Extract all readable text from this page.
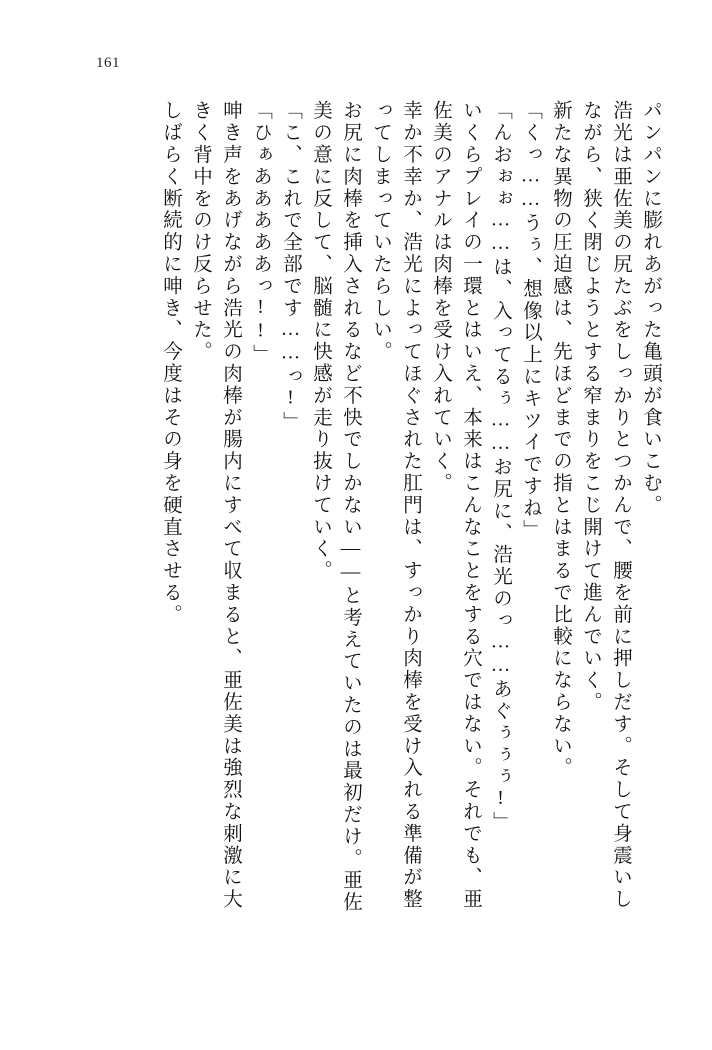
161
パンパンに膨れあがった亀頭が食いこむ。
浩光は亜佐美の尻たぶをしっかりとつかんで、腰を前に押しだす。そして身震いし
ながら、狭く閉じようとする窄まりをこじ開けて進んでいく。
新たな異物の圧迫感は、先ほどまでの指とはまるで比較にならない。
「くっ……うぅ、想像以上にキツイですね」
「んおぉぉ……は、入ってるぅ……お尻に、浩光のっ……あぐぅぅぅ!」
いくらプレイの一環とはいえ、本来はこんなことをする穴ではない。それでも、亜
佐美のアナルは肉棒を受け入れていく。
幸か不幸か、浩光によってほぐされた肛門は、すっかり肉棒を受け入れる準備が整
ってしまっていたらしい。
お尻に肉棒を挿入されるなど不快でしかない——と考えていたのは最初だけ。亜佐
美の意に反して、脳髄に快感が走り抜けていく。
「こ、これで全部です……っ!」
「ひぁあああああっ!!」
呻き声をあげながら浩光の肉棒が腸内にすべて収まると、亜佐美は強烈な刺激に大
きく背中をのけ反らせた。
しばらく断続的に呻き、今度はその身を硬直させる。
